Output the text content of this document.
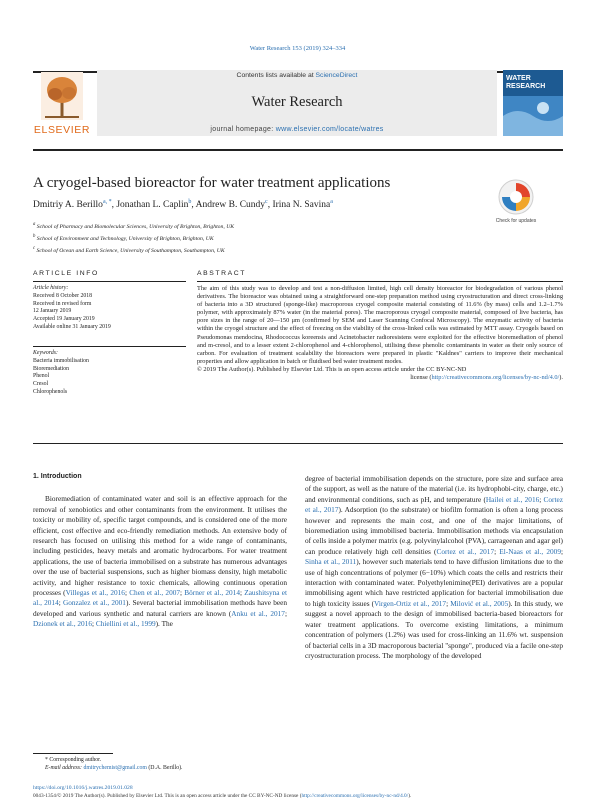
Water Research 153 (2019) 324–334
ELSEVIER
Contents lists available at ScienceDirect
Water Research
journal homepage: www.elsevier.com/locate/watres
WATER
RESEARCH
A cryogel-based bioreactor for water treatment applications
Check for updates
Dmitriy A. Berillo$^{a, *}$, Jonathan L. Caplin$^b$, Andrew B. Cundy$^c$, Irina N. Savina$^a$
$^a$ School of Pharmacy and Biomolecular Sciences, University of Brighton, Brighton, UK
$^b$ School of Environment and Technology, University of Brighton, Brighton, UK
$^c$ School of Ocean and Earth Science, University of Southampton, Southampton, UK
ARTICLE INFO	ABSTRACT
Article history:
Received 8 October 2018
Received in revised form
12 January 2019
Accepted 19 January 2019
Available online 31 January 2019
Keywords:
Bacteria immobilisation
Bioremediation
Phenol
Cresol
Chlorophenols

The aim of this study was to develop and test a non-diffusion limited, high cell density bioreactor for biodegradation of various phenol derivatives. The bioreactor was obtained using a straightforward one-step preparation method using cryostructuration and direct cross-linking of bacteria into a 3D structured (sponge-like) macroporous cryogel composite material consisting of 11.6% (by mass) cells and 1.2–1.7% polymer, with approximately 87% water (in the material pores). The macroporous cryogel composite material, composed of live bacteria, has pore sizes in the range of 20—150 μm (confirmed by SEM and Laser Scanning Confocal Microscopy). The enzymatic activity of bacteria within the cryogel structure and the effect of freezing on the viability of the cross-linked cells was estimated by MTT assay. Cryogels based on Pseudomonas mendocina, Rhodococcus koreensis and Acinetobacter radioresistens were exploited for the effective bioremediation of phenol and m-cresol, and to a lesser extent 2-chlorophenol and 4-chlorophenol, utilising these phenolic contaminants in water as their only source of carbon. For evaluation of treatment scalability the bioreactors were prepared in plastic "Kaldnes" carriers to improve their mechanical properties and allow application in batch or fluidised bed water treatment modes.

© 2019 The Author(s). Published by Elsevier Ltd. This is an open access article under the CC BY-NC-ND

license (http://creativecommons.org/licenses/by-nc-nd/4.0/).

1. Introduction

Bioremediation of contaminated water and soil is an effective approach for the removal of xenobiotics and other contaminants from the environment. It utilises the toxicity or mobility of, specific target compounds, and is considered one of the more efficient, cost effective and eco-friendly remediation methods. An extensive body of research has focused on utilising this method for a wide range of contaminants, including pesticides, heavy metals and aromatic hydrocarbons. For water treatment applications, the use of bacteria immobilised on a substrate has numerous advantages over the use of bacterial suspensions, such as higher biomass density, high metabolic activity, and higher resistance to toxic chemicals, allowing continuous operation processes (Villegas et al., 2016; Chen et al., 2007; Börner et al., 2014; Zaushitsyna et al., 2014; Gonzalez et al., 2001). Several bacterial immobilisation methods have been developed and various synthetic and natural carriers are known (Anku et al., 2017; Dzionek et al., 2016; Chiellini et al., 1999). The

degree of bacterial immobilisation depends on the structure, pore size and surface area of the support, as well as the nature of the material (i.e. its hydrophobi-city, charge, etc.) and environmental conditions, such as pH, and temperature (Hailei et al., 2016; Cortez et al., 2017). Adsorption (to the substrate) or biofilm formation is often a long process however and represents the main cost, and one of the major limitations, of bioremediation using immobilised bacteria. Immobilisation methods via encapsulation of cells inside a polymer matrix (e.g. polyvinylalcohol (PVA), carrageenan and agar gel) can produce relatively high cell densities (Cortez et al., 2017; El-Naas et al., 2009; Sinha et al., 2011), however such materials tend to have diffusion limitations due to the use of high concentrations of polymer (6−10%) which coats the cells and restricts their interaction with contaminated water. Polyethylenimine(PEI) derivatives are a popular immobilising agent which have restricted application for bacterial immobilisation due to high toxicity issues (Virgen-Ortiz et al., 2017; Milović et al., 2005). In this study, we suggest a novel approach to the design of immobilised bacteria-based bioreactors for water treatment applications. To overcome existing limitations, a minimum concentration of polymers (1.2%) was used for cross-linking an 11.6% wt. suspension of bacterial cells in a 3D macroporous bacterial "sponge", produced via a facile one-step cryostructuration process. The morphology of the developed

* Corresponding author.
E-mail address: dmitrychemist@gmail.com (D.A. Berillo).
https://doi.org/10.1016/j.watres.2019.01.028
0043-1354/© 2019 The Author(s). Published by Elsevier Ltd. This is an open access article under the CC BY-NC-ND license (http://creativecommons.org/licenses/by-nc-nd/4.0/).
